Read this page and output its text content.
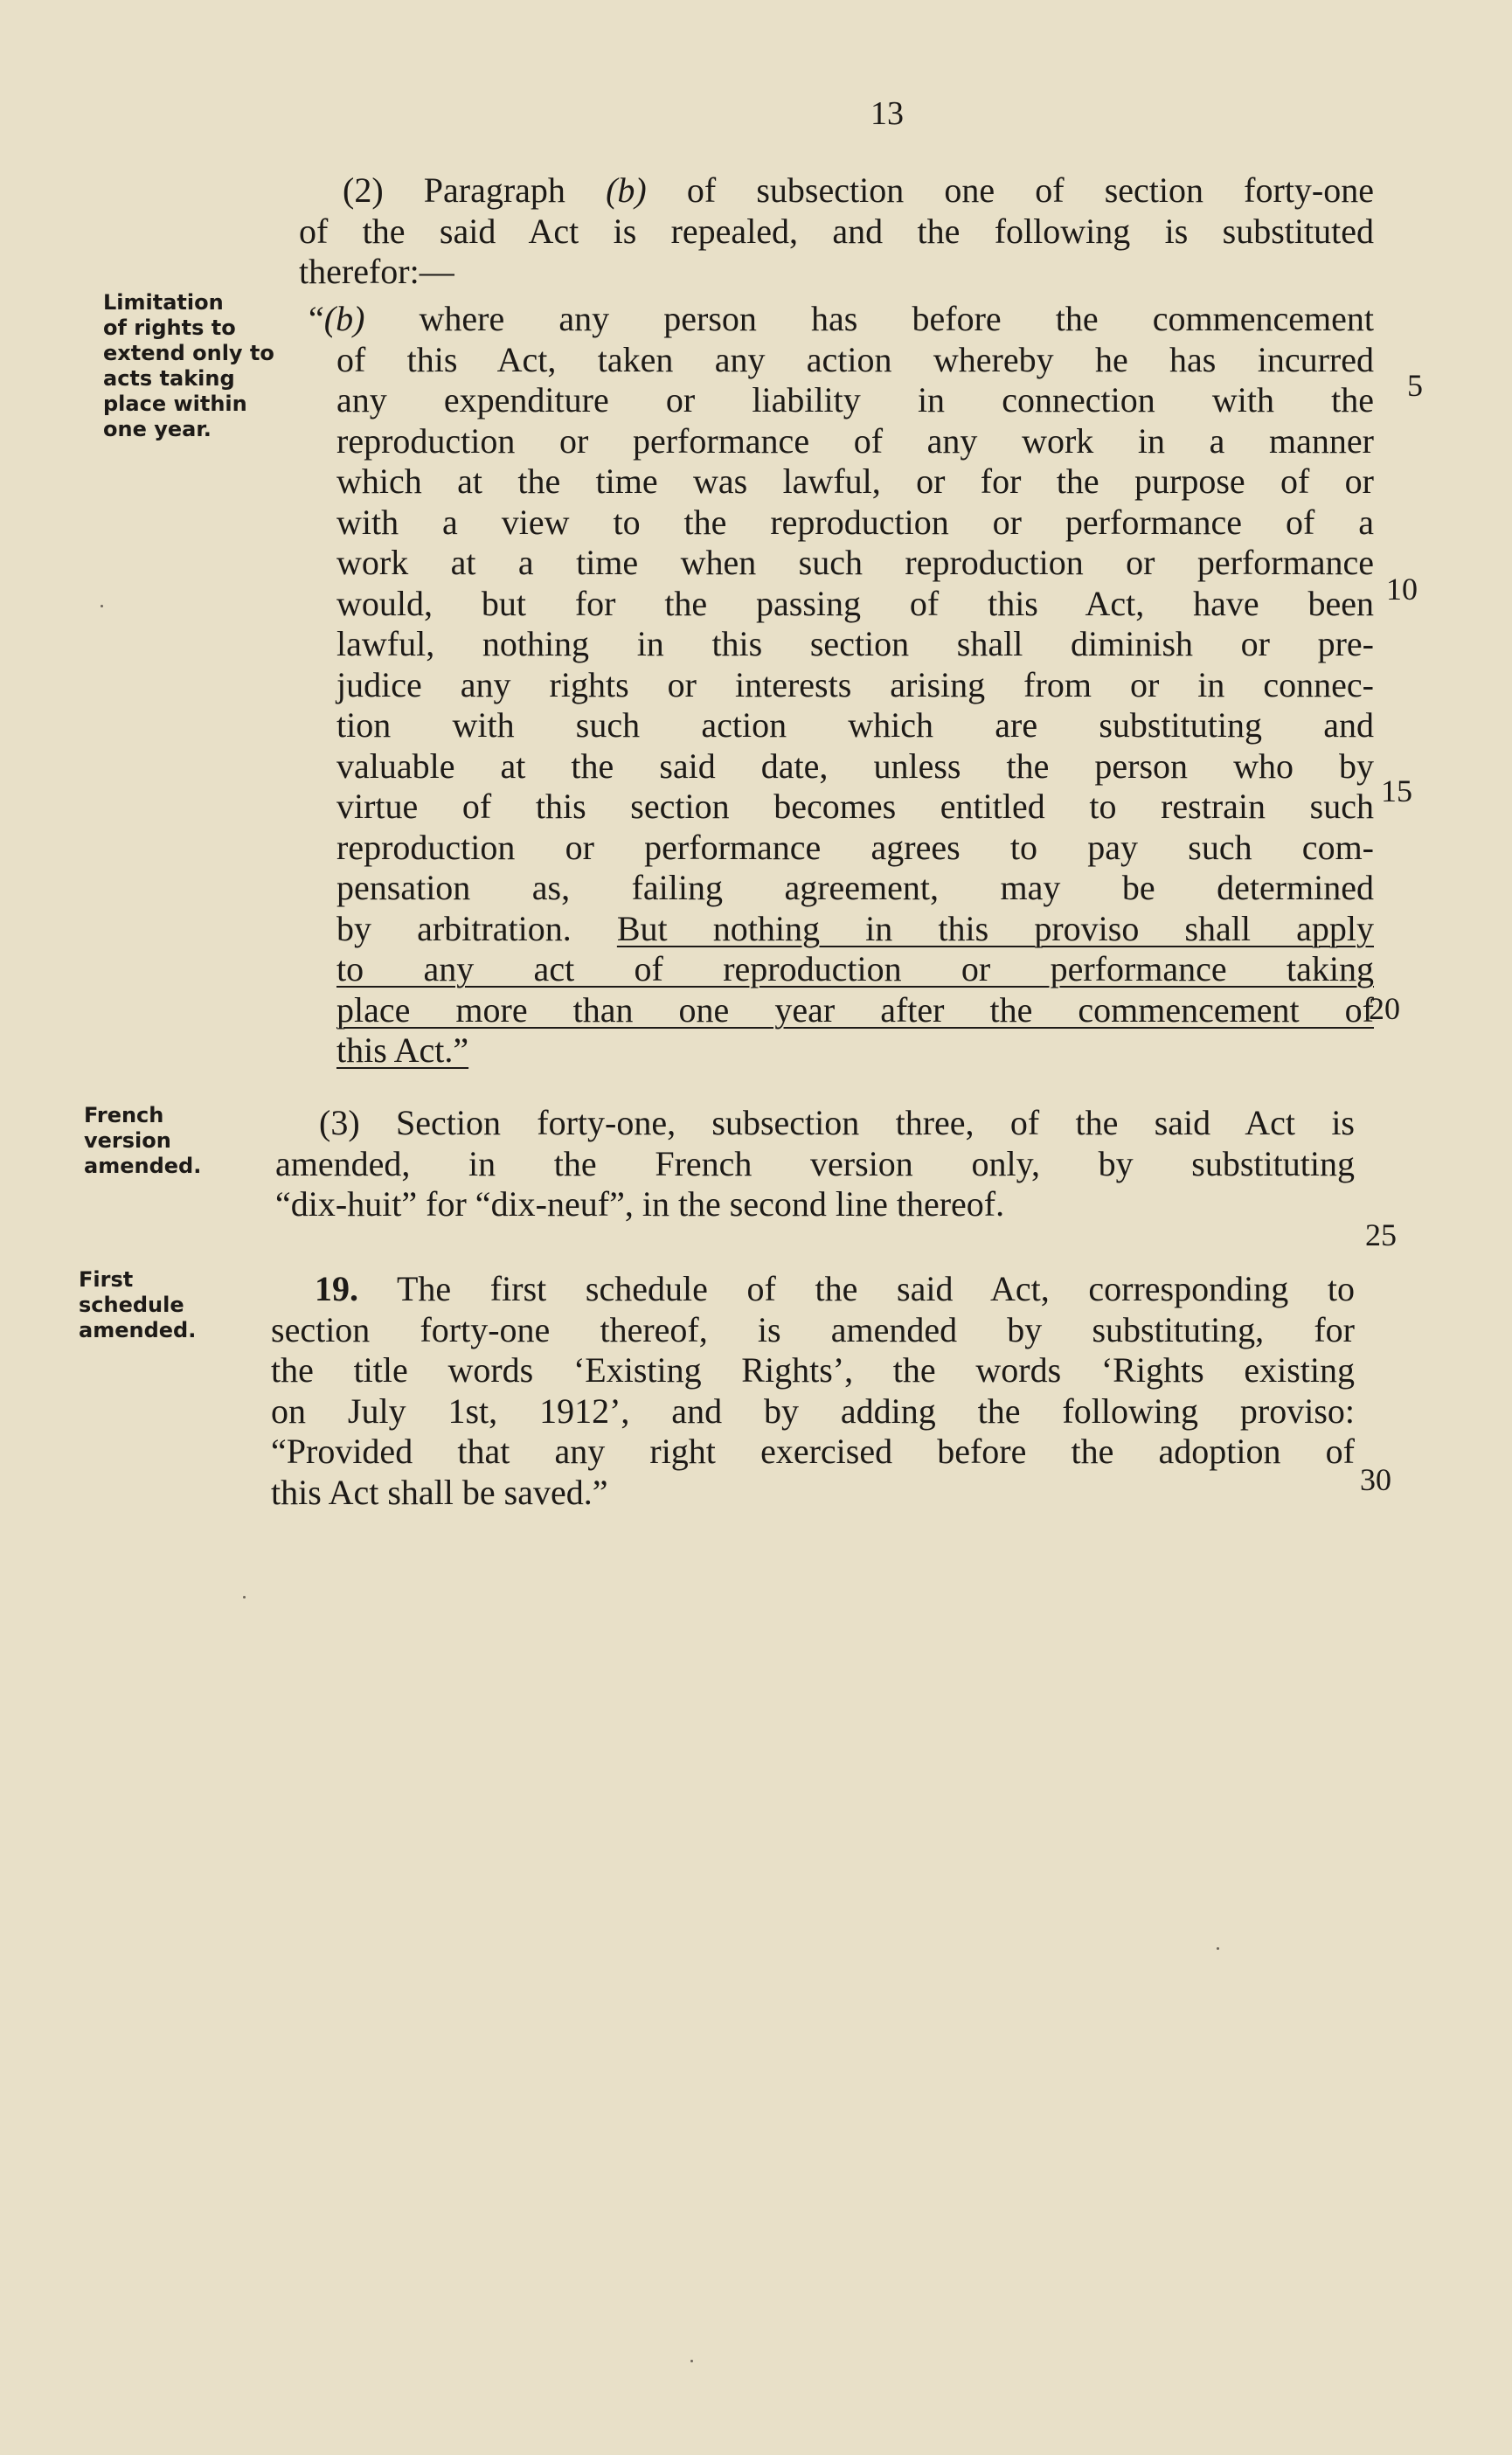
13
Limitation
of rights to
extend only to
acts taking
place within
one year.
French
version
amended.
First
schedule
amended.
(2) Paragraph (b) of subsection one of section forty-one
of the said Act is repealed, and the following is substituted
therefor:—
“(b) where any person has before the commencement
of this Act, taken any action whereby he has incurred
any expenditure or liability in connection with the
reproduction or performance of any work in a manner
which at the time was lawful, or for the purpose of or
with a view to the reproduction or performance of a
work at a time when such reproduction or performance
would, but for the passing of this Act, have been
lawful, nothing in this section shall diminish or pre-
judice any rights or interests arising from or in connec-
tion with such action which are substituting and
valuable at the said date, unless the person who by
virtue of this section becomes entitled to restrain such
reproduction or performance agrees to pay such com-
pensation as, failing agreement, may be determined
by arbitration. But nothing in this proviso shall apply
to any act of reproduction or performance taking
place more than one year after the commencement of
this Act.”
(3) Section forty-one, subsection three, of the said Act is
amended, in the French version only, by substituting
“dix-huit” for “dix-neuf”, in the second line thereof.
19. The first schedule of the said Act, corresponding to
section forty-one thereof, is amended by substituting, for
the title words ‘Existing Rights’, the words ‘Rights existing
on July 1st, 1912’, and by adding the following proviso:
“Provided that any right exercised before the adoption of
this Act shall be saved.”
5
10
15
20
25
30
